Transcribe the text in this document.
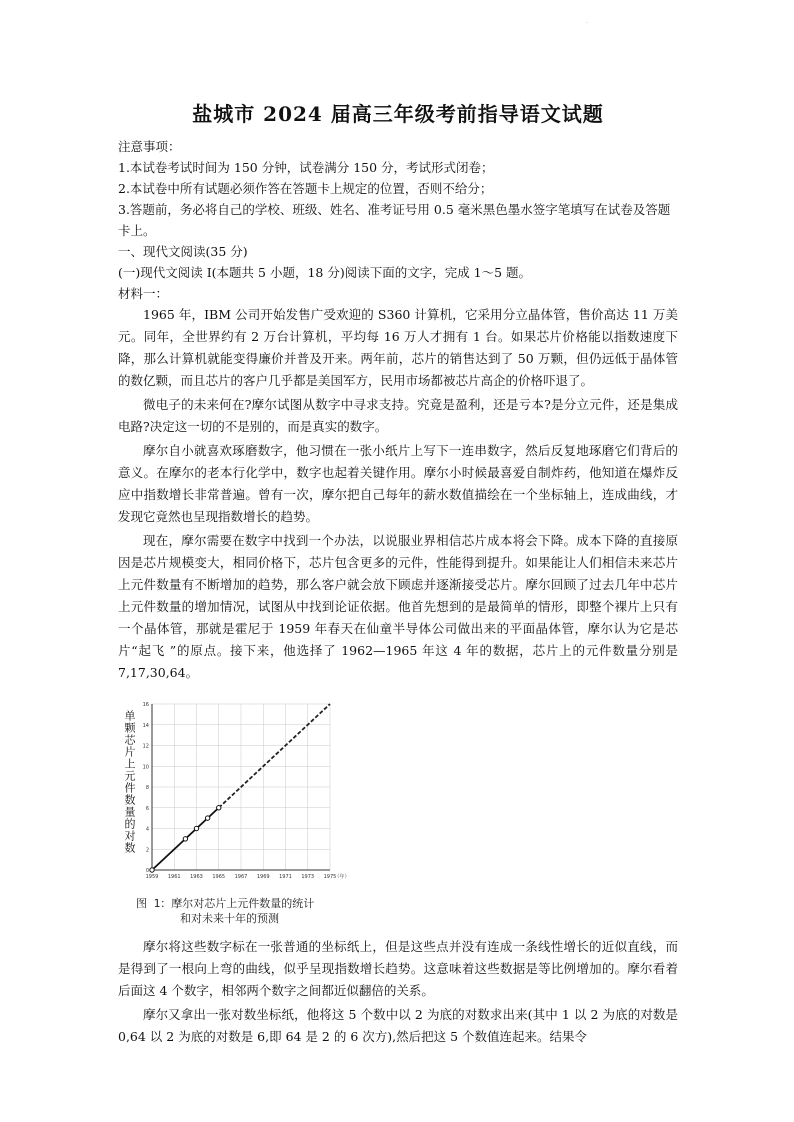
.
盐城市 2024 届高三年级考前指导语文试题

注意事项：

1.本试卷考试时间为 150 分钟，试卷满分 150 分，考试形式闭卷；

2.本试卷中所有试题必须作答在答题卡上规定的位置，否则不给分；

3.答题前，务必将自己的学校、班级、姓名、准考证号用 0.5 毫米黑色墨水签字笔填写在试卷及答题卡上。

一、现代文阅读(35 分)

(一)现代文阅读 Ⅰ(本题共 5 小题，18 分)阅读下面的文字，完成 1～5 题。

材料一：

1965 年，IBM 公司开始发售广受欢迎的 S360 计算机，它采用分立晶体管，售价高达 11 万美元。同年，全世界约有 2 万台计算机，平均每 16 万人才拥有 1 台。如果芯片价格能以指数速度下降，那么计算机就能变得廉价并普及开来。两年前，芯片的销售达到了 50 万颗，但仍远低于晶体管的数亿颗，而且芯片的客户几乎都是美国军方，民用市场都被芯片高企的价格吓退了。

微电子的未来何在?摩尔试图从数字中寻求支持。究竟是盈利，还是亏本?是分立元件，还是集成电路?决定这一切的不是别的，而是真实的数字。

摩尔自小就喜欢琢磨数字，他习惯在一张小纸片上写下一连串数字，然后反复地琢磨它们背后的意义。在摩尔的老本行化学中，数字也起着关键作用。摩尔小时候最喜爱自制炸药，他知道在爆炸反应中指数增长非常普遍。曾有一次，摩尔把自己每年的薪水数值描绘在一个坐标轴上，连成曲线，才发现它竟然也呈现指数增长的趋势。

现在，摩尔需要在数字中找到一个办法，以说服业界相信芯片成本将会下降。成本下降的直接原因是芯片规模变大，相同价格下，芯片包含更多的元件，性能得到提升。如果能让人们相信未来芯片上元件数量有不断增加的趋势，那么客户就会放下顾虑并逐渐接受芯片。摩尔回顾了过去几年中芯片上元件数量的增加情况，试图从中找到论证依据。他首先想到的是最简单的情形，即整个裸片上只有一个晶体管，那就是霍尼于 1959 年春天在仙童半导体公司做出来的平面晶体管，摩尔认为它是芯片“起飞 ”的原点。接下来，他选择了 1962—1965 年这 4 年的数据，芯片上的元件数量分别是 7,17,30,64。

单颗芯片上元件数量的对数
1959 1961 1963 1965 1967 1969 1971 1973 1975
0
2
4
6
8
10
12
14
16
（年）
图 1：摩尔对芯片上元件数量的统计
和对未来十年的预测

摩尔将这些数字标在一张普通的坐标纸上，但是这些点并没有连成一条线性增长的近似直线，而是得到了一根向上弯的曲线，似乎呈现指数增长趋势。这意味着这些数据是等比例增加的。摩尔看着后面这 4 个数字，相邻两个数字之间都近似翻倍的关系。

摩尔又拿出一张对数坐标纸，他将这 5 个数中以 2 为底的对数求出来(其中 1 以 2 为底的对数是 0,64 以 2 为底的对数是 6,即 64 是 2 的 6 次方),然后把这 5 个数值连起来。结果令
